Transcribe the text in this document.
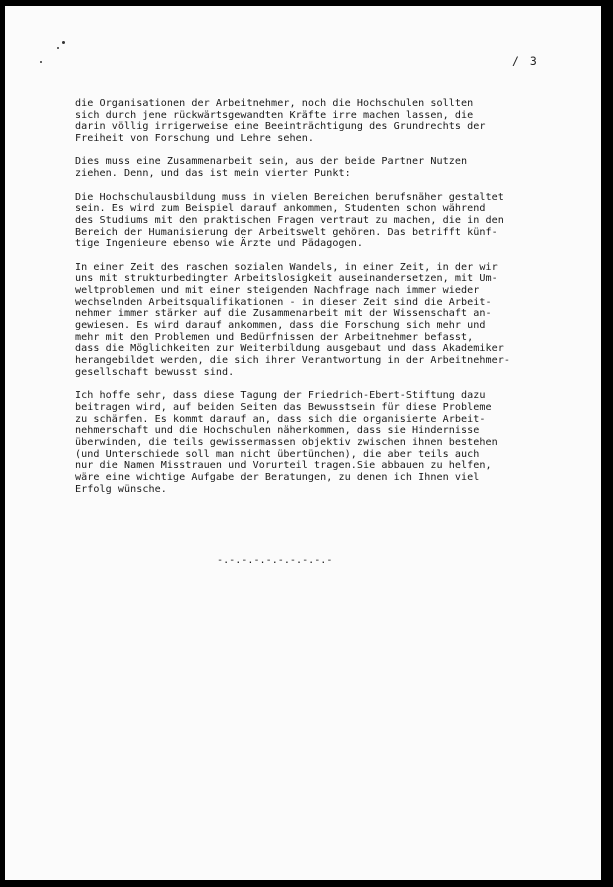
/ 3
die Organisationen der Arbeitnehmer, noch die Hochschulen sollten
sich durch jene rückwärtsgewandten Kräfte irre machen lassen, die
darin völlig irrigerweise eine Beeinträchtigung des Grundrechts der
Freiheit von Forschung und Lehre sehen.
Dies muss eine Zusammenarbeit sein, aus der beide Partner Nutzen
ziehen. Denn, und das ist mein vierter Punkt:
Die Hochschulausbildung muss in vielen Bereichen berufsnäher gestaltet
sein. Es wird zum Beispiel darauf ankommen, Studenten schon während
des Studiums mit den praktischen Fragen vertraut zu machen, die in den
Bereich der Humanisierung der Arbeitswelt gehören. Das betrifft künf-
tige Ingenieure ebenso wie Ärzte und Pädagogen.
In einer Zeit des raschen sozialen Wandels, in einer Zeit, in der wir
uns mit strukturbedingter Arbeitslosigkeit auseinandersetzen, mit Um-
weltproblemen und mit einer steigenden Nachfrage nach immer wieder
wechselnden Arbeitsqualifikationen - in dieser Zeit sind die Arbeit-
nehmer immer stärker auf die Zusammenarbeit mit der Wissenschaft an-
gewiesen. Es wird darauf ankommen, dass die Forschung sich mehr und
mehr mit den Problemen und Bedürfnissen der Arbeitnehmer befasst,
dass die Möglichkeiten zur Weiterbildung ausgebaut und dass Akademiker
herangebildet werden, die sich ihrer Verantwortung in der Arbeitnehmer-
gesellschaft bewusst sind.
Ich hoffe sehr, dass diese Tagung der Friedrich-Ebert-Stiftung dazu
beitragen wird, auf beiden Seiten das Bewusstsein für diese Probleme
zu schärfen. Es kommt darauf an, dass sich die organisierte Arbeit-
nehmerschaft und die Hochschulen näherkommen, dass sie Hindernisse
überwinden, die teils gewissermassen objektiv zwischen ihnen bestehen
(und Unterschiede soll man nicht übertünchen), die aber teils auch
nur die Namen Misstrauen und Vorurteil tragen.Sie abbauen zu helfen,
wäre eine wichtige Aufgabe der Beratungen, zu denen ich Ihnen viel
Erfolg wünsche.
-.-.-.-.-.-.-.-.-.-
